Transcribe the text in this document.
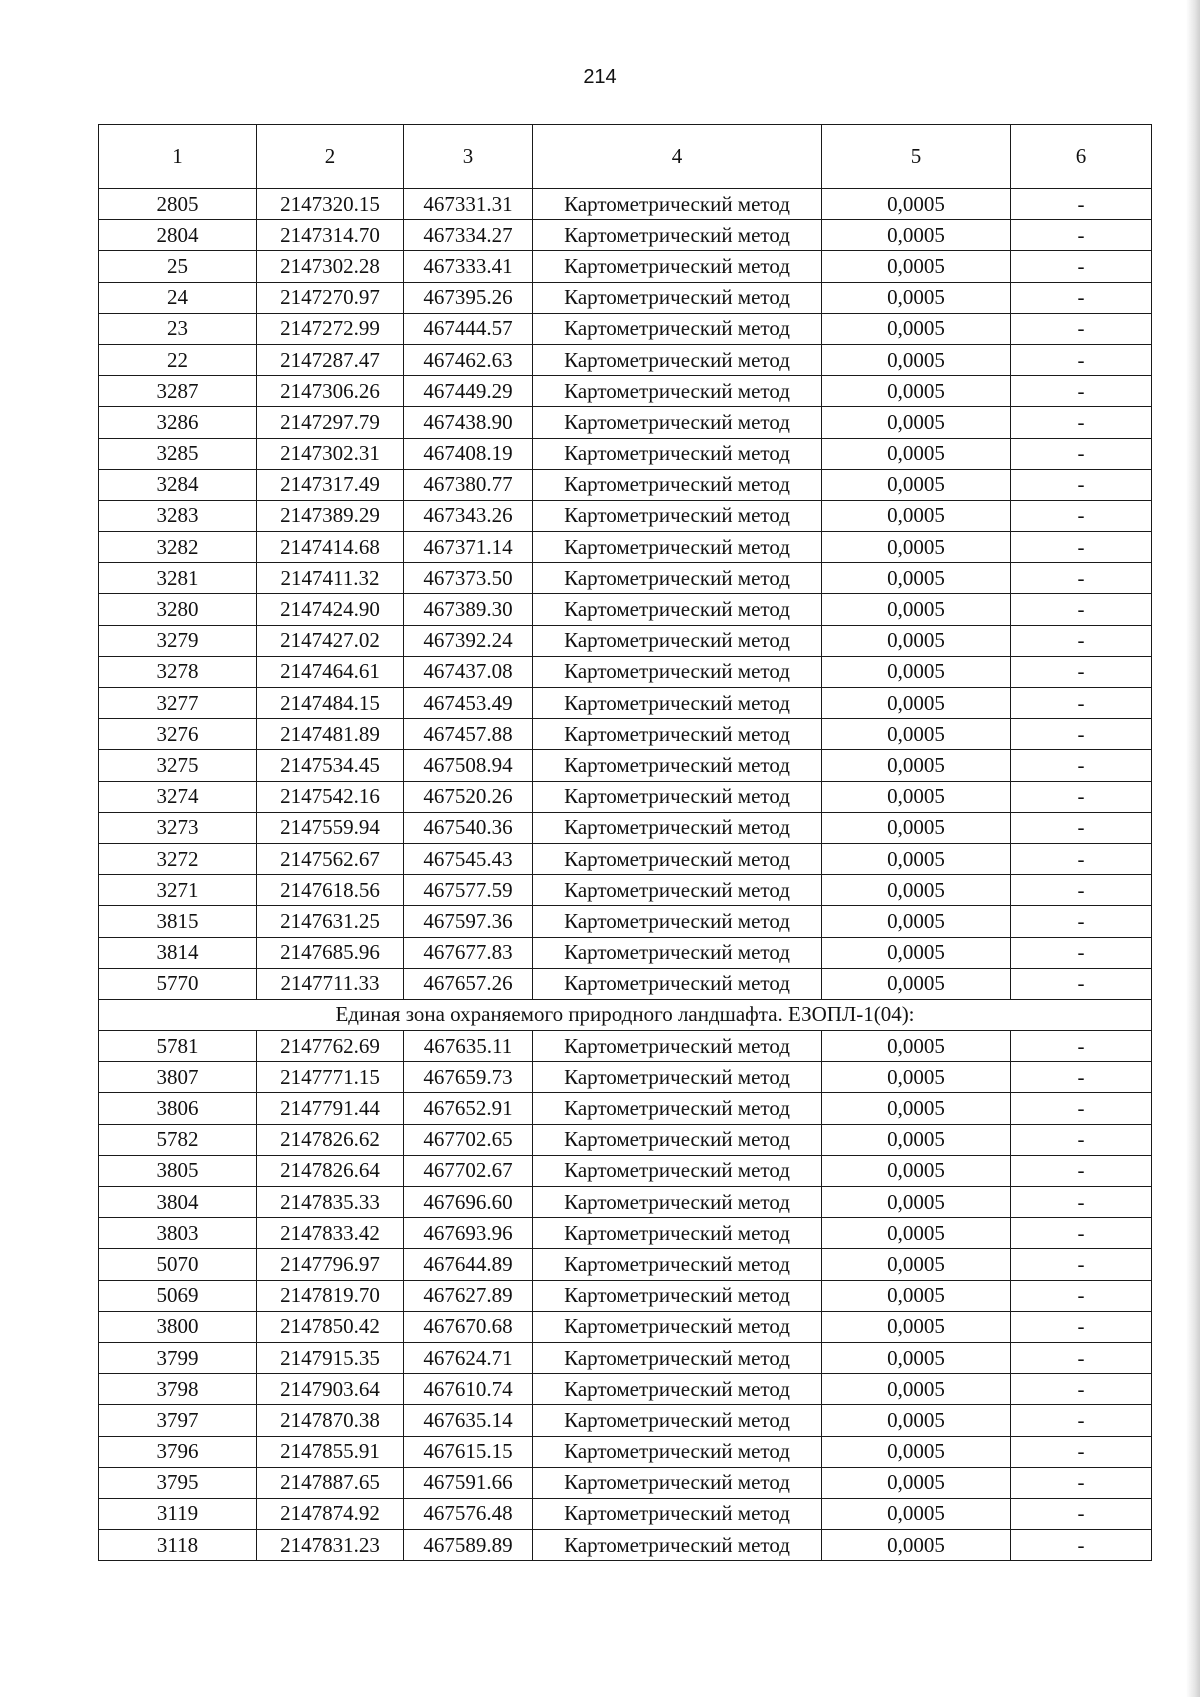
214
1	2	3	4	5	6
2805	2147320.15	467331.31	Картометрический метод	0,0005	-
2804	2147314.70	467334.27	Картометрический метод	0,0005	-
25	2147302.28	467333.41	Картометрический метод	0,0005	-
24	2147270.97	467395.26	Картометрический метод	0,0005	-
23	2147272.99	467444.57	Картометрический метод	0,0005	-
22	2147287.47	467462.63	Картометрический метод	0,0005	-
3287	2147306.26	467449.29	Картометрический метод	0,0005	-
3286	2147297.79	467438.90	Картометрический метод	0,0005	-
3285	2147302.31	467408.19	Картометрический метод	0,0005	-
3284	2147317.49	467380.77	Картометрический метод	0,0005	-
3283	2147389.29	467343.26	Картометрический метод	0,0005	-
3282	2147414.68	467371.14	Картометрический метод	0,0005	-
3281	2147411.32	467373.50	Картометрический метод	0,0005	-
3280	2147424.90	467389.30	Картометрический метод	0,0005	-
3279	2147427.02	467392.24	Картометрический метод	0,0005	-
3278	2147464.61	467437.08	Картометрический метод	0,0005	-
3277	2147484.15	467453.49	Картометрический метод	0,0005	-
3276	2147481.89	467457.88	Картометрический метод	0,0005	-
3275	2147534.45	467508.94	Картометрический метод	0,0005	-
3274	2147542.16	467520.26	Картометрический метод	0,0005	-
3273	2147559.94	467540.36	Картометрический метод	0,0005	-
3272	2147562.67	467545.43	Картометрический метод	0,0005	-
3271	2147618.56	467577.59	Картометрический метод	0,0005	-
3815	2147631.25	467597.36	Картометрический метод	0,0005	-
3814	2147685.96	467677.83	Картометрический метод	0,0005	-
5770	2147711.33	467657.26	Картометрический метод	0,0005	-
Единая зона охраняемого природного ландшафта. ЕЗОПЛ-1(04):					
5781	2147762.69	467635.11	Картометрический метод	0,0005	-
3807	2147771.15	467659.73	Картометрический метод	0,0005	-
3806	2147791.44	467652.91	Картометрический метод	0,0005	-
5782	2147826.62	467702.65	Картометрический метод	0,0005	-
3805	2147826.64	467702.67	Картометрический метод	0,0005	-
3804	2147835.33	467696.60	Картометрический метод	0,0005	-
3803	2147833.42	467693.96	Картометрический метод	0,0005	-
5070	2147796.97	467644.89	Картометрический метод	0,0005	-
5069	2147819.70	467627.89	Картометрический метод	0,0005	-
3800	2147850.42	467670.68	Картометрический метод	0,0005	-
3799	2147915.35	467624.71	Картометрический метод	0,0005	-
3798	2147903.64	467610.74	Картометрический метод	0,0005	-
3797	2147870.38	467635.14	Картометрический метод	0,0005	-
3796	2147855.91	467615.15	Картометрический метод	0,0005	-
3795	2147887.65	467591.66	Картометрический метод	0,0005	-
3119	2147874.92	467576.48	Картометрический метод	0,0005	-
3118	2147831.23	467589.89	Картометрический метод	0,0005	-
